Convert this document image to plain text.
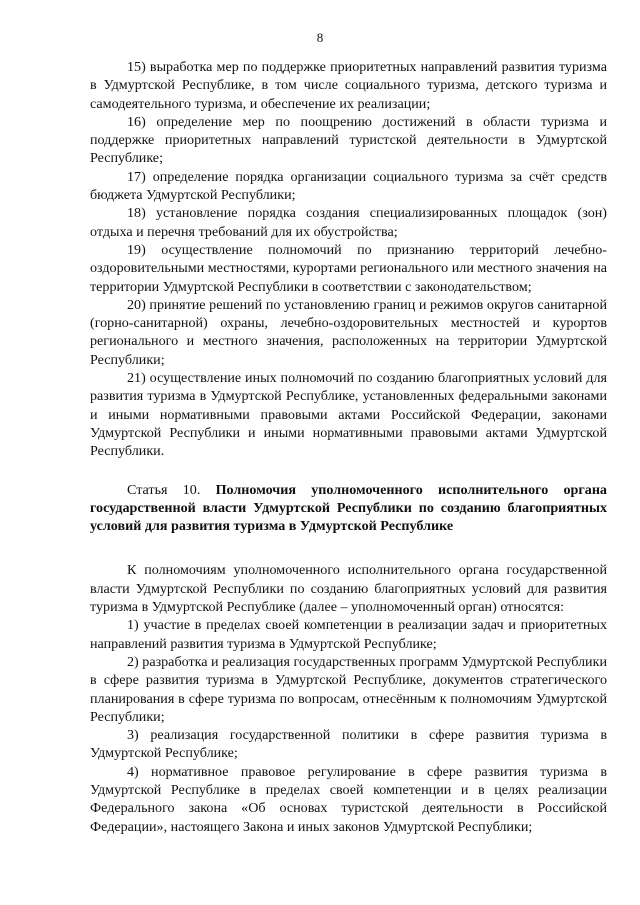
8

15) выработка мер по поддержке приоритетных направлений развития туризма в Удмуртской Республике, в том числе социального туризма, детского туризма и самодеятельного туризма, и обеспечение их реализации;

16) определение мер по поощрению достижений в области туризма и поддержке приоритетных направлений туристской деятельности в Удмуртской Республике;

17) определение порядка организации социального туризма за счёт средств бюджета Удмуртской Республики;

18) установление порядка создания специализированных площадок (зон) отдыха и перечня требований для их обустройства;

19) осуществление полномочий по признанию территорий лечебно-оздоровительными местностями, курортами регионального или местного значения на территории Удмуртской Республики в соответствии с законодательством;

20) принятие решений по установлению границ и режимов округов санитарной (горно-санитарной) охраны, лечебно-оздоровительных местностей и курортов регионального и местного значения, расположенных на территории Удмуртской Республики;

21) осуществление иных полномочий по созданию благоприятных условий для развития туризма в Удмуртской Республике, установленных федеральными законами и иными нормативными правовыми актами Российской Федерации, законами Удмуртской Республики и иными нормативными правовыми актами Удмуртской Республики.

Статья 10. Полномочия уполномоченного исполнительного органа государственной власти Удмуртской Республики по созданию благоприятных условий для развития туризма в Удмуртской Республике

К полномочиям уполномоченного исполнительного органа государственной власти Удмуртской Республики по созданию благоприятных условий для развития туризма в Удмуртской Республике (далее – уполномоченный орган) относятся:

1) участие в пределах своей компетенции в реализации задач и приоритетных направлений развития туризма в Удмуртской Республике;

2) разработка и реализация государственных программ Удмуртской Республики в сфере развития туризма в Удмуртской Республике, документов стратегического планирования в сфере туризма по вопросам, отнесённым к полномочиям Удмуртской Республики;

3) реализация государственной политики в сфере развития туризма в Удмуртской Республике;

4) нормативное правовое регулирование в сфере развития туризма в Удмуртской Республике в пределах своей компетенции и в целях реализации Федерального закона «Об основах туристской деятельности в Российской Федерации», настоящего Закона и иных законов Удмуртской Республики;
